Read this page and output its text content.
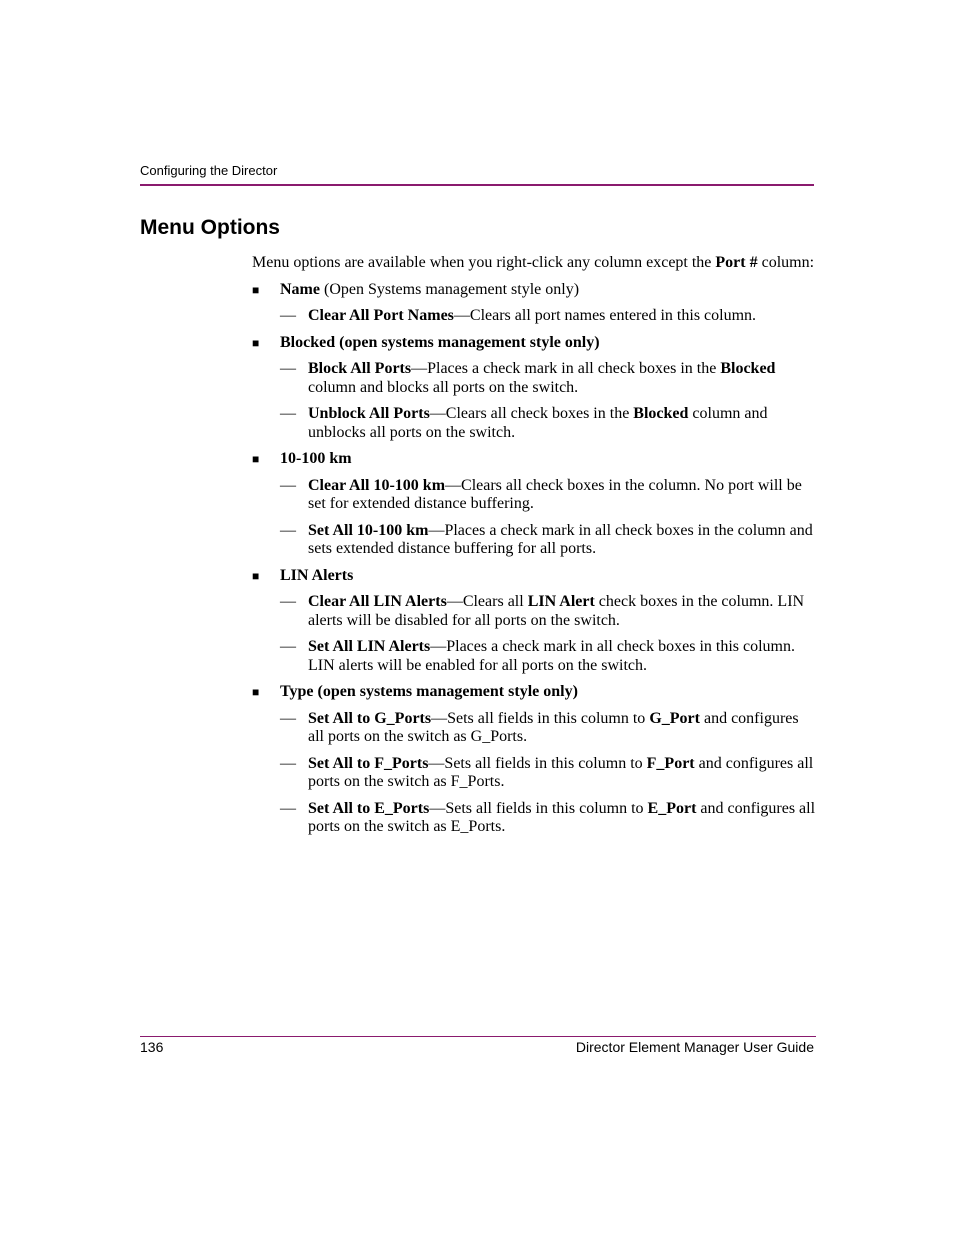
Configuring the Director
Menu Options

Menu options are available when you right-click any column except the Port # column:

■	Name (Open Systems management style only)
— Clear All Port Names—Clears all port names entered in this column.
■	Blocked (open systems management style only)
— Block All Ports—Places a check mark in all check boxes in the Blocked column and blocks all ports on the switch.
— Unblock All Ports—Clears all check boxes in the Blocked column and unblocks all ports on the switch.
■	10-100 km
— Clear All 10-100 km—Clears all check boxes in the column. No port will be set for extended distance buffering.
— Set All 10-100 km—Places a check mark in all check boxes in the column and sets extended distance buffering for all ports.
■	LIN Alerts
— Clear All LIN Alerts—Clears all LIN Alert check boxes in the column. LIN alerts will be disabled for all ports on the switch.
— Set All LIN Alerts—Places a check mark in all check boxes in this column. LIN alerts will be enabled for all ports on the switch.
■	Type (open systems management style only)
— Set All to G_Ports—Sets all fields in this column to G_Port and configures all ports on the switch as G_Ports.
— Set All to F_Ports—Sets all fields in this column to F_Port and configures all ports on the switch as F_Ports.
— Set All to E_Ports—Sets all fields in this column to E_Port and configures all ports on the switch as E_Ports.
136	Director Element Manager User Guide
